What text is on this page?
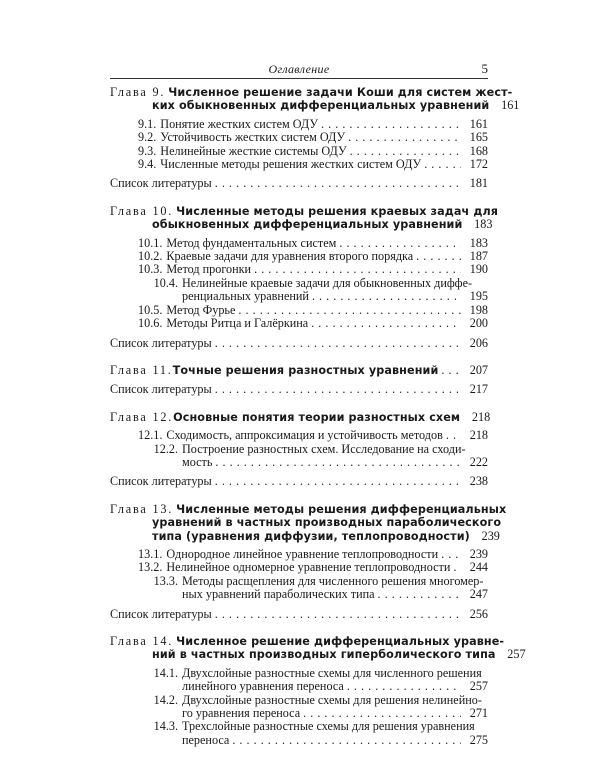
Оглавление	5
Глава 9. Численное решение задачи Коши для систем жест-
ких обыкновенных дифференциальных уравнений 161
9.1. Понятие жестких систем ОДУ . . .	161
9.2. Устойчивость жестких систем ОДУ . . .	165
9.3. Нелинейные жесткие системы ОДУ . . .	168
9.4. Численные методы решения жестких систем ОДУ . . .	172
Список литературы . . .	181
Глава 10. Численные методы решения краевых задач для
обыкновенных дифференциальных уравнений 183
10.1. Метод фундаментальных систем . . .	183
10.2. Краевые задачи для уравнения второго порядка . . .	187
10.3. Метод прогонки . . .	190
10.4. Нелинейные краевые задачи для обыкновенных диффе-
ренциальных уравнений . . .	195
10.5. Метод Фурье . . .	198
10.6. Методы Ритца и Галёркина . . .	200
Список литературы . . .	206
Глава 11. Точные решения разностных уравнений . . .	207
Список литературы . . .	217
Глава 12. Основные понятия теории разностных схем 218
12.1. Сходимость, аппроксимация и устойчивость методов . . .	218
12.2. Построение разностных схем. Исследование на сходи-
мость . . .	222
Список литературы . . .	238
Глава 13. Численные методы решения дифференциальных
уравнений в частных производных параболического
типа (уравнения диффузии, теплопроводности) 239
13.1. Однородное линейное уравнение теплопроводности . . .	239
13.2. Нелинейное одномерное уравнение теплопроводности . . .	244
13.3. Методы расщепления для численного решения многомер-
ных уравнений параболических типа . . .	247
Список литературы . . .	256
Глава 14. Численное решение дифференциальных уравне-
ний в частных производных гиперболического типа 257
14.1. Двухслойные разностные схемы для численного решения
линейного уравнения переноса . . .	257
14.2. Двухслойные разностные схемы для решения нелинейно-
го уравнения переноса . . .	271
14.3. Трехслойные разностные схемы для решения уравнения
переноса . . .	275
